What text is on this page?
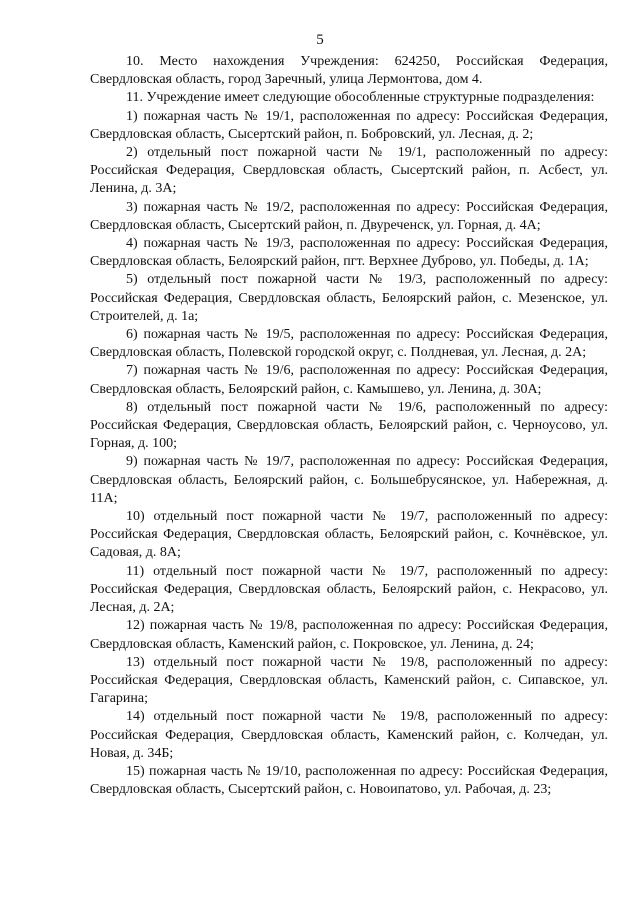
5

10. Место нахождения Учреждения: 624250, Российская Федерация, Свердловская область, город Заречный, улица Лермонтова, дом 4.

11. Учреждение имеет следующие обособленные структурные подразделения:

1) пожарная часть № 19/1, расположенная по адресу: Российская Федерация, Свердловская область, Сысертский район, п. Бобровский, ул. Лесная, д. 2;

2) отдельный пост пожарной части № 19/1, расположенный по адресу: Российская Федерация, Свердловская область, Сысертский район, п. Асбест, ул. Ленина, д. 3А;

3) пожарная часть № 19/2, расположенная по адресу: Российская Федерация, Свердловская область, Сысертский район, п. Двуреченск, ул. Горная, д. 4А;

4) пожарная часть № 19/3, расположенная по адресу: Российская Федерация, Свердловская область, Белоярский район, пгт. Верхнее Дуброво, ул. Победы, д. 1А;

5) отдельный пост пожарной части № 19/3, расположенный по адресу: Российская Федерация, Свердловская область, Белоярский район, с. Мезенское, ул. Строителей, д. 1а;

6) пожарная часть № 19/5, расположенная по адресу: Российская Федерация, Свердловская область, Полевской городской округ, с. Полдневая, ул. Лесная, д. 2А;

7) пожарная часть № 19/6, расположенная по адресу: Российская Федерация, Свердловская область, Белоярский район, с. Камышево, ул. Ленина, д. 30А;

8) отдельный пост пожарной части № 19/6, расположенный по адресу: Российская Федерация, Свердловская область, Белоярский район, с. Черноусово, ул. Горная, д. 100;

9) пожарная часть № 19/7, расположенная по адресу: Российская Федерация, Свердловская область, Белоярский район, с. Большебрусянское, ул. Набережная, д. 11А;

10) отдельный пост пожарной части № 19/7, расположенный по адресу: Российская Федерация, Свердловская область, Белоярский район, с. Кочнёвское, ул. Садовая, д. 8А;

11) отдельный пост пожарной части № 19/7, расположенный по адресу: Российская Федерация, Свердловская область, Белоярский район, с. Некрасово, ул. Лесная, д. 2А;

12) пожарная часть № 19/8, расположенная по адресу: Российская Федерация, Свердловская область, Каменский район, с. Покровское, ул. Ленина, д. 24;

13) отдельный пост пожарной части № 19/8, расположенный по адресу: Российская Федерация, Свердловская область, Каменский район, с. Сипавское, ул. Гагарина;

14) отдельный пост пожарной части № 19/8, расположенный по адресу: Российская Федерация, Свердловская область, Каменский район, с. Колчедан, ул. Новая, д. 34Б;

15) пожарная часть № 19/10, расположенная по адресу: Российская Федерация, Свердловская область, Сысертский район, с. Новоипатово, ул. Рабочая, д. 23;
